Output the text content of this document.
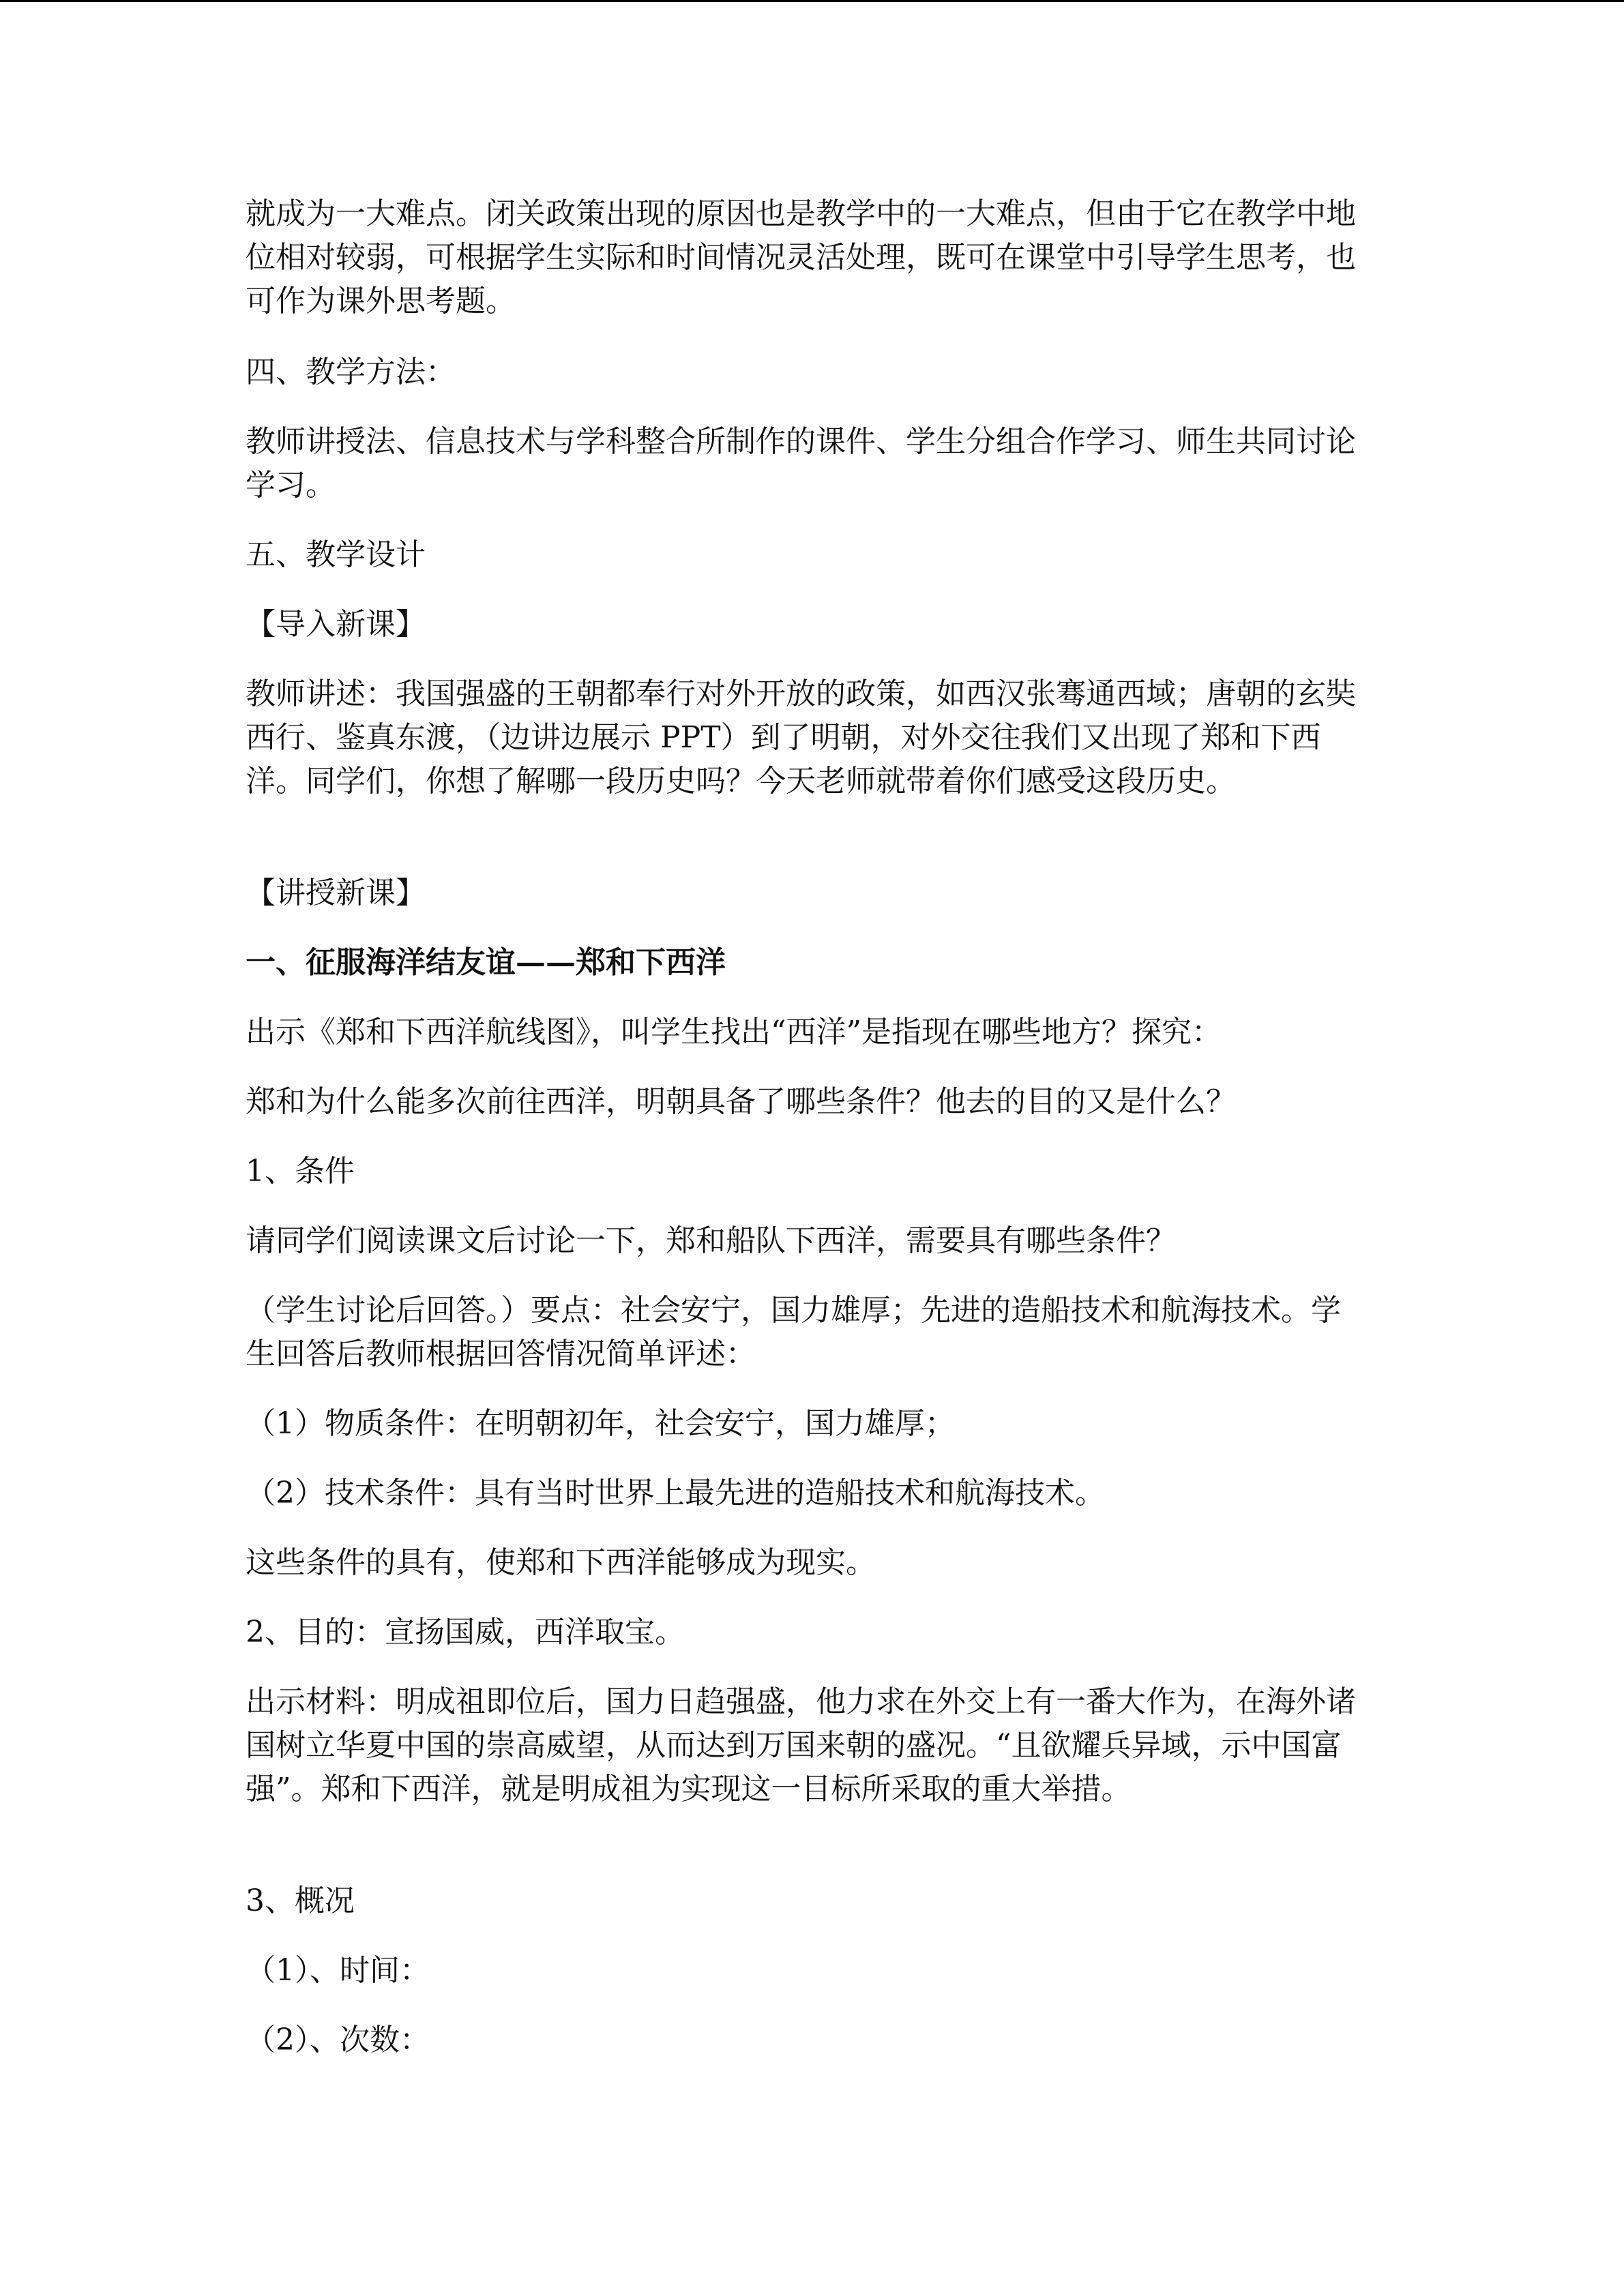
就成为一大难点。闭关政策出现的原因也是教学中的一大难点，但由于它在教学中地位相对较弱，可根据学生实际和时间情况灵活处理，既可在课堂中引导学生思考，也可作为课外思考题。

四、教学方法：

教师讲授法、信息技术与学科整合所制作的课件、学生分组合作学习、师生共同讨论学习。

五、教学设计

【导入新课】

教师讲述：我国强盛的王朝都奉行对外开放的政策，如西汉张骞通西域；唐朝的玄奘西行、鉴真东渡，（边讲边展示 PPT）到了明朝，对外交往我们又出现了郑和下西洋。同学们，你想了解哪一段历史吗？今天老师就带着你们感受这段历史。

【讲授新课】

一、征服海洋结友谊——郑和下西洋

出示《郑和下西洋航线图》，叫学生找出“西洋”是指现在哪些地方？探究：

郑和为什么能多次前往西洋，明朝具备了哪些条件？他去的目的又是什么？

1、条件

请同学们阅读课文后讨论一下，郑和船队下西洋，需要具有哪些条件？

（学生讨论后回答。）要点：社会安宁，国力雄厚；先进的造船技术和航海技术。学生回答后教师根据回答情况简单评述：

（1）物质条件：在明朝初年，社会安宁，国力雄厚；

（2）技术条件：具有当时世界上最先进的造船技术和航海技术。

这些条件的具有，使郑和下西洋能够成为现实。

2、目的：宣扬国威，西洋取宝。

出示材料：明成祖即位后，国力日趋强盛，他力求在外交上有一番大作为，在海外诸国树立华夏中国的崇高威望，从而达到万国来朝的盛况。“且欲耀兵异域，示中国富强”。郑和下西洋，就是明成祖为实现这一目标所采取的重大举措。

3、概况

（1）、时间：

（2）、次数：
